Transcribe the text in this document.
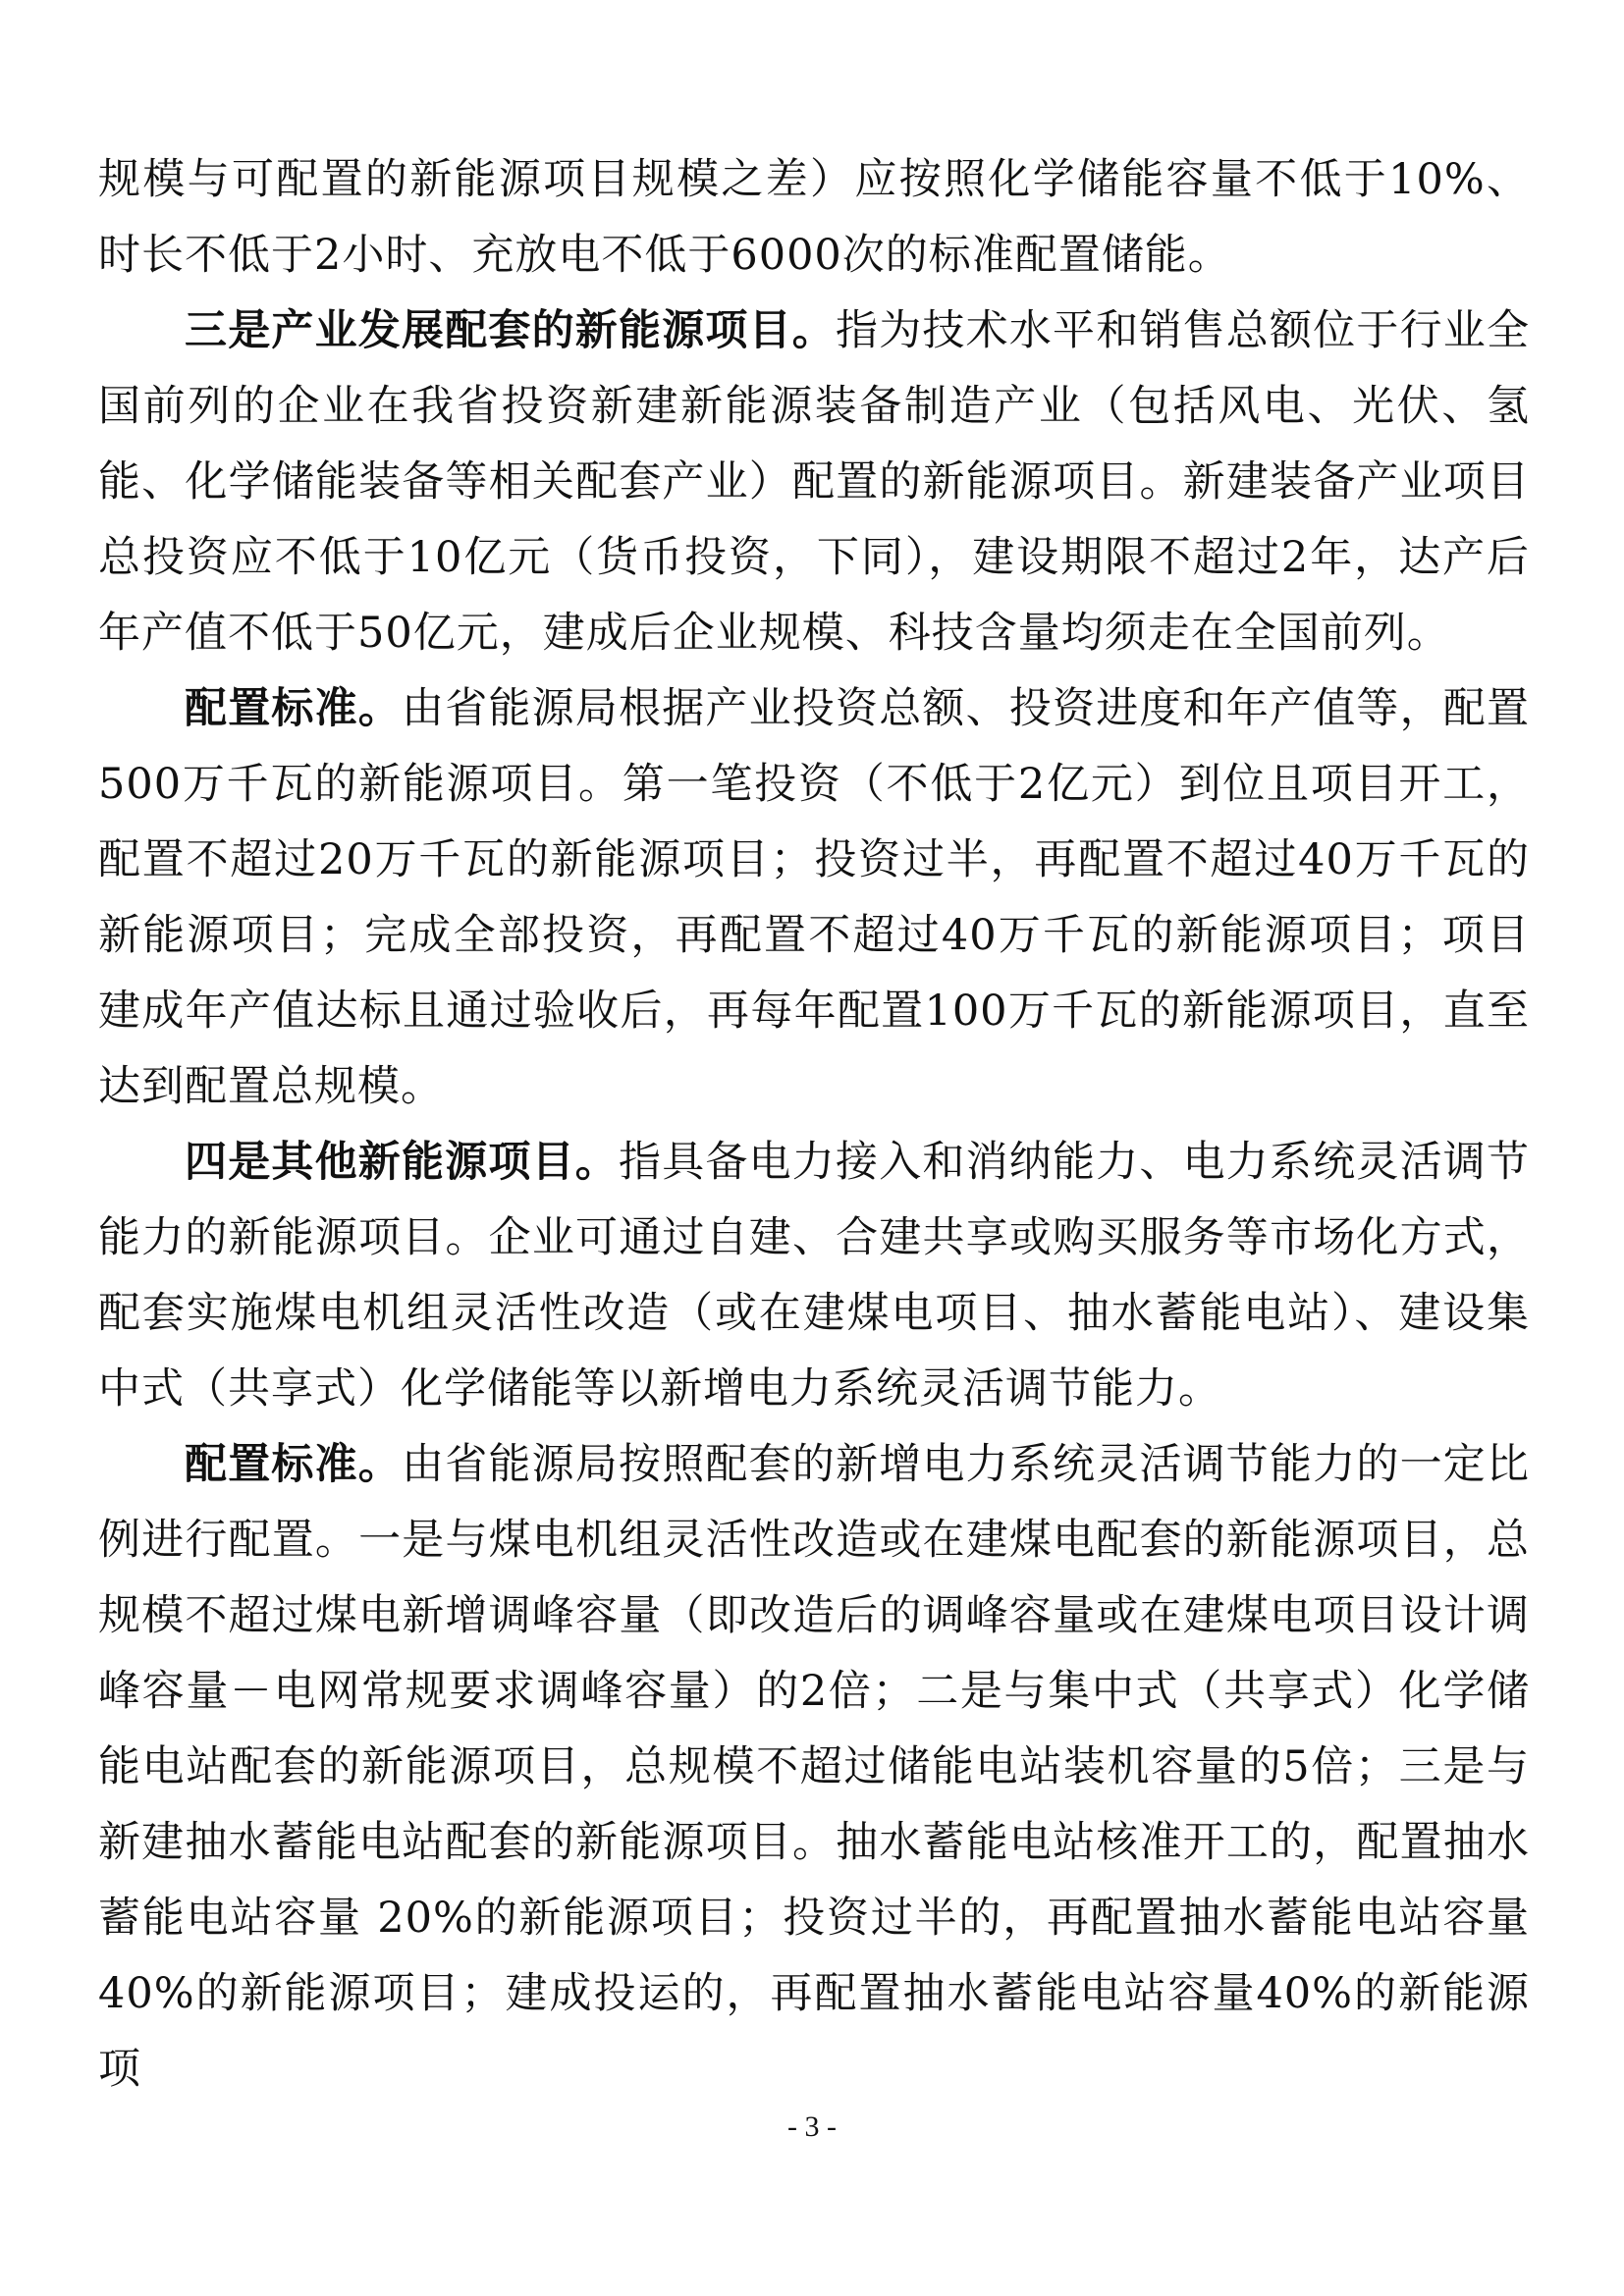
规模与可配置的新能源项目规模之差）应按照化学储能容量不低于10%、时长不低于2小时、充放电不低于6000次的标准配置储能。

三是产业发展配套的新能源项目。指为技术水平和销售总额位于行业全国前列的企业在我省投资新建新能源装备制造产业（包括风电、光伏、氢能、化学储能装备等相关配套产业）配置的新能源项目。新建装备产业项目总投资应不低于10亿元（货币投资，下同），建设期限不超过2年，达产后年产值不低于50亿元，建成后企业规模、科技含量均须走在全国前列。

配置标准。由省能源局根据产业投资总额、投资进度和年产值等，配置500万千瓦的新能源项目。第一笔投资（不低于2亿元）到位且项目开工，配置不超过20万千瓦的新能源项目；投资过半，再配置不超过40万千瓦的新能源项目；完成全部投资，再配置不超过40万千瓦的新能源项目；项目建成年产值达标且通过验收后，再每年配置100万千瓦的新能源项目，直至达到配置总规模。

四是其他新能源项目。指具备电力接入和消纳能力、电力系统灵活调节能力的新能源项目。企业可通过自建、合建共享或购买服务等市场化方式，配套实施煤电机组灵活性改造（或在建煤电项目、抽水蓄能电站）、建设集中式（共享式）化学储能等以新增电力系统灵活调节能力。

配置标准。由省能源局按照配套的新增电力系统灵活调节能力的一定比例进行配置。一是与煤电机组灵活性改造或在建煤电配套的新能源项目，总规模不超过煤电新增调峰容量（即改造后的调峰容量或在建煤电项目设计调峰容量－电网常规要求调峰容量）的2倍；二是与集中式（共享式）化学储能电站配套的新能源项目，总规模不超过储能电站装机容量的5倍；三是与新建抽水蓄能电站配套的新能源项目。抽水蓄能电站核准开工的，配置抽水蓄能电站容量 20%的新能源项目；投资过半的，再配置抽水蓄能电站容量40%的新能源项目；建成投运的，再配置抽水蓄能电站容量40%的新能源项

- 3 -
